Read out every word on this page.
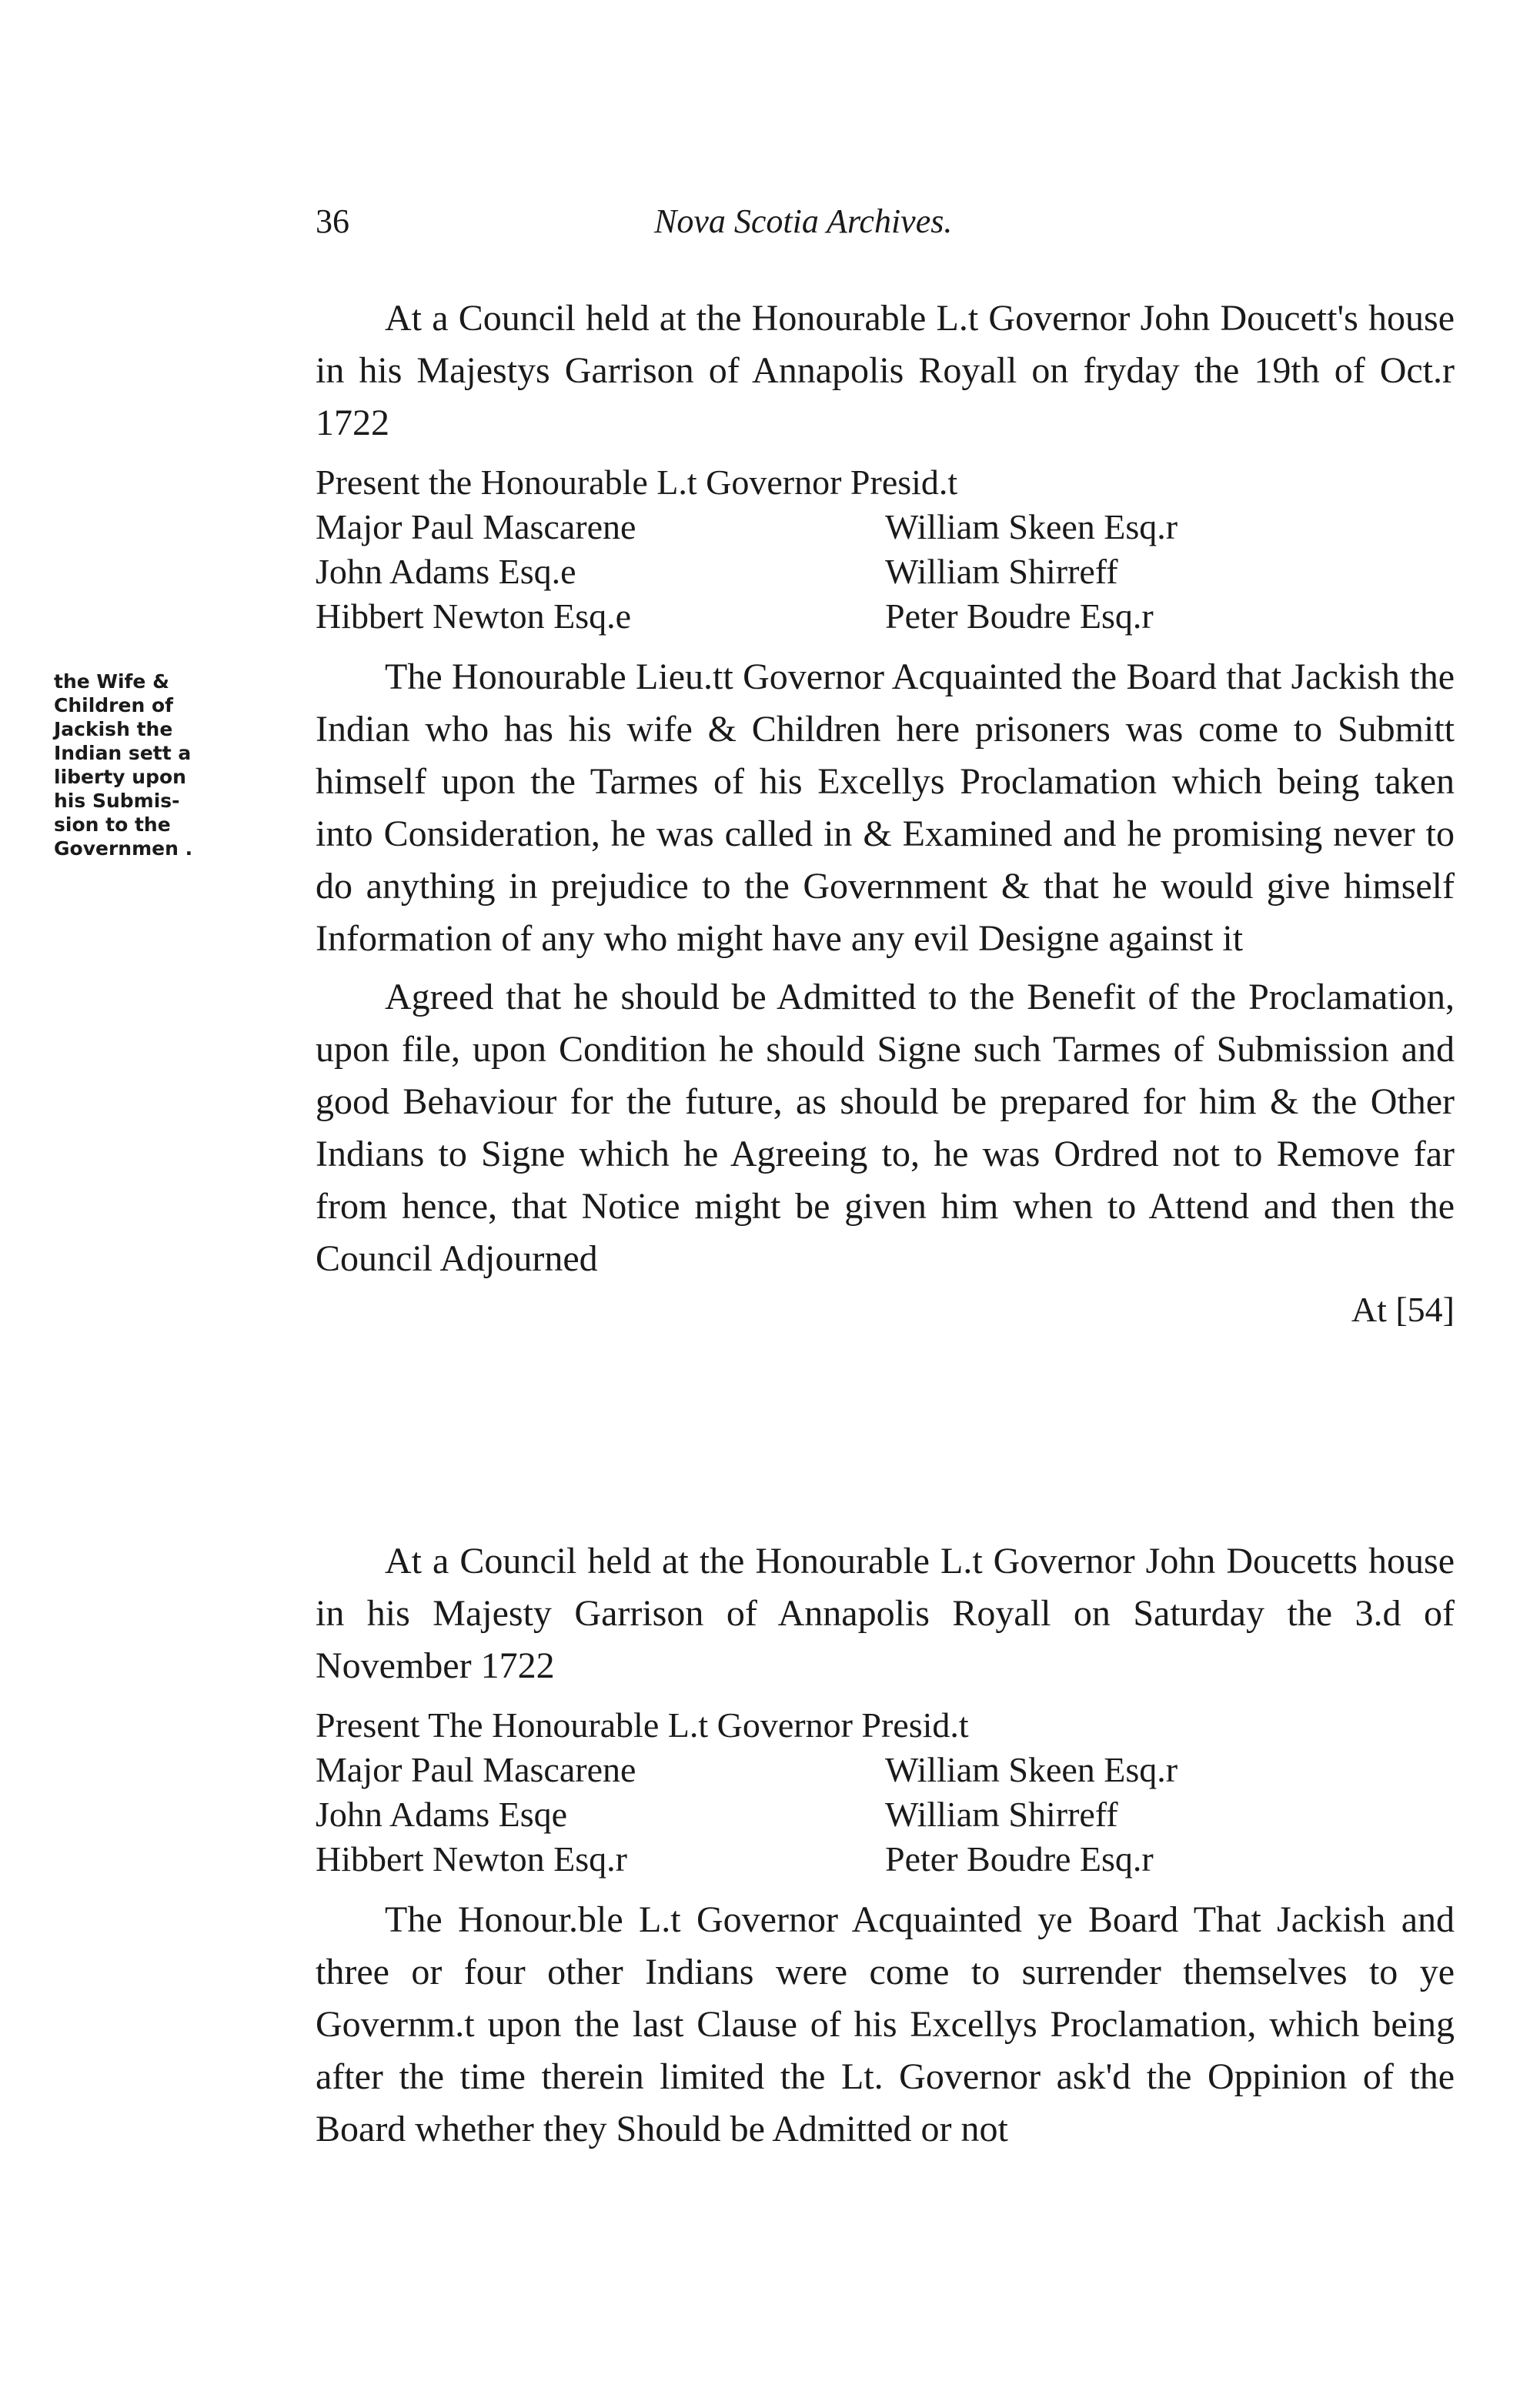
36	Nova Scotia Archives.
the Wife &
Children of
Jackish the
Indian sett a
liberty upon
his Submis-
sion to the
Governmen .

At a Council held at the Honourable L.t Governor John Doucett's house in his Majestys Garrison of Annapolis Royall on fryday the 19th of Oct.r 1722

Present the Honourable L.t Governor Presid.t

Major Paul Mascarene	William Skeen Esq.r
John Adams Esq.e	William Shirreff
Hibbert Newton Esq.e	Peter Boudre Esq.r

The Honourable Lieu.tt Governor Acquainted the Board that Jackish the Indian who has his wife & Children here prisoners was come to Submitt himself upon the Tarmes of his Excellys Proclamation which being taken into Consideration, he was called in & Examined and he promising never to do anything in prejudice to the Government & that he would give himself Information of any who might have any evil Designe against it

Agreed that he should be Admitted to the Benefit of the Proclamation, upon file, upon Condition he should Signe such Tarmes of Submission and good Behaviour for the future, as should be prepared for him & the Other Indians to Signe which he Agreeing to, he was Ordred not to Remove far from hence, that Notice might be given him when to Attend and then the Council Adjourned

At [54]

At a Council held at the Honourable L.t Governor John Doucetts house in his Majesty Garrison of Annapolis Royall on Saturday the 3.d of November 1722

Present The Honourable L.t Governor Presid.t

Major Paul Mascarene	William Skeen Esq.r
John Adams Esqe	William Shirreff
Hibbert Newton Esq.r	Peter Boudre Esq.r

The Honour.ble L.t Governor Acquainted ye Board That Jackish and three or four other Indians were come to surrender themselves to ye Governm.t upon the last Clause of his Excellys Proclamation, which being after the time therein limited the Lt. Governor ask'd the Oppinion of the Board whether they Should be Admitted or not
